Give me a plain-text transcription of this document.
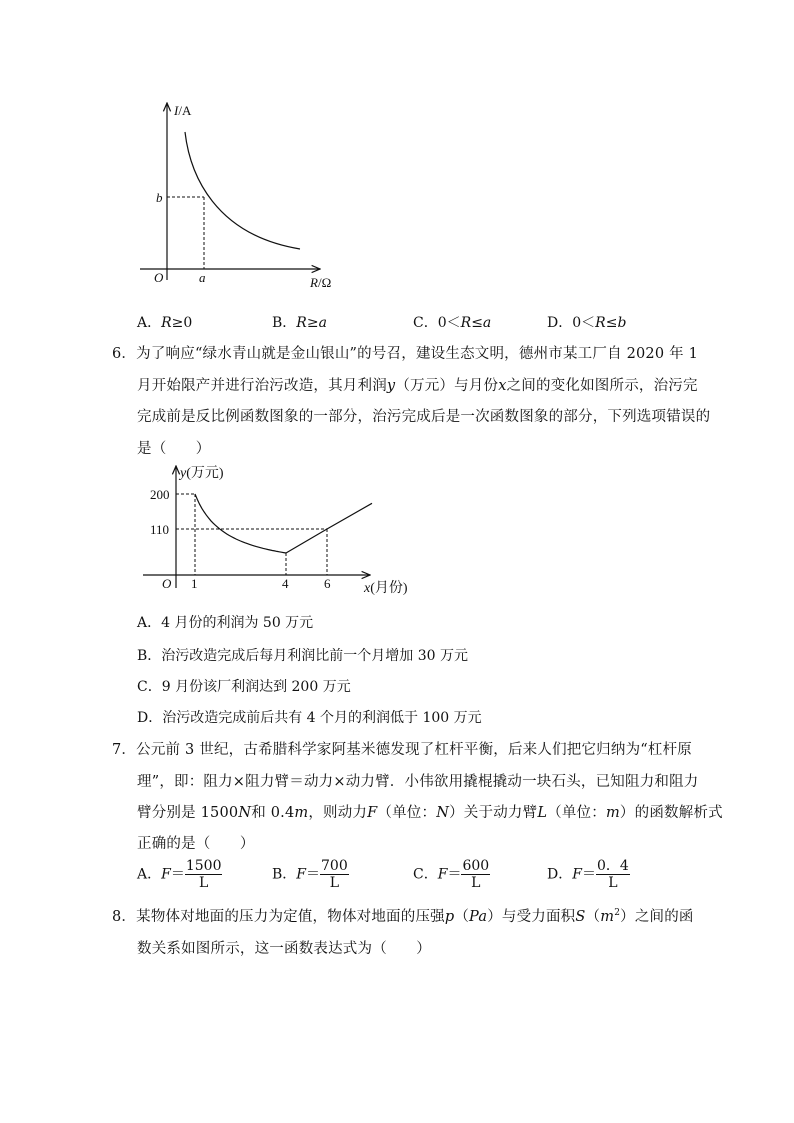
I/A
b
O	a	R/Ω
A．R≥0	B．R≥a	C．0＜R≤a	D．0＜R≤b
6．为了响应“绿水青山就是金山银山”的号召，建设生态文明，德州市某工厂自 2020 年 1
月开始限产并进行治污改造，其月利润y（万元）与月份x之间的变化如图所示，治污完
完成前是反比例函数图象的一部分，治污完成后是一次函数图象的部分，下列选项错误的
是（　　）
y(万元)
200
110
O 1	4	6 x(月份)
A．4 月份的利润为 50 万元
B．治污改造完成后每月利润比前一个月增加 30 万元
C．9 月份该厂利润达到 200 万元
D．治污改造完成前后共有 4 个月的利润低于 100 万元
7．公元前 3 世纪，古希腊科学家阿基米德发现了杠杆平衡，后来人们把它归纳为“杠杆原
理”，即：阻力×阻力臂＝动力×动力臂．小伟欲用撬棍撬动一块石头，已知阻力和阻力
臂分别是 1500N和 0.4m，则动力F（单位：N）关于动力臂L（单位：m）的函数解析式
正确的是（　　）
A．$F= \frac{1500}{L}$	B．$F= \frac{700}{L}$	C．$F= \frac{600}{L}$	D．$F= \frac{0.4}{L}$
8．某物体对地面的压力为定值，物体对地面的压强p（Pa）与受力面积$S(m^2)$之间的函
数关系如图所示，这一函数表达式为（　　）
